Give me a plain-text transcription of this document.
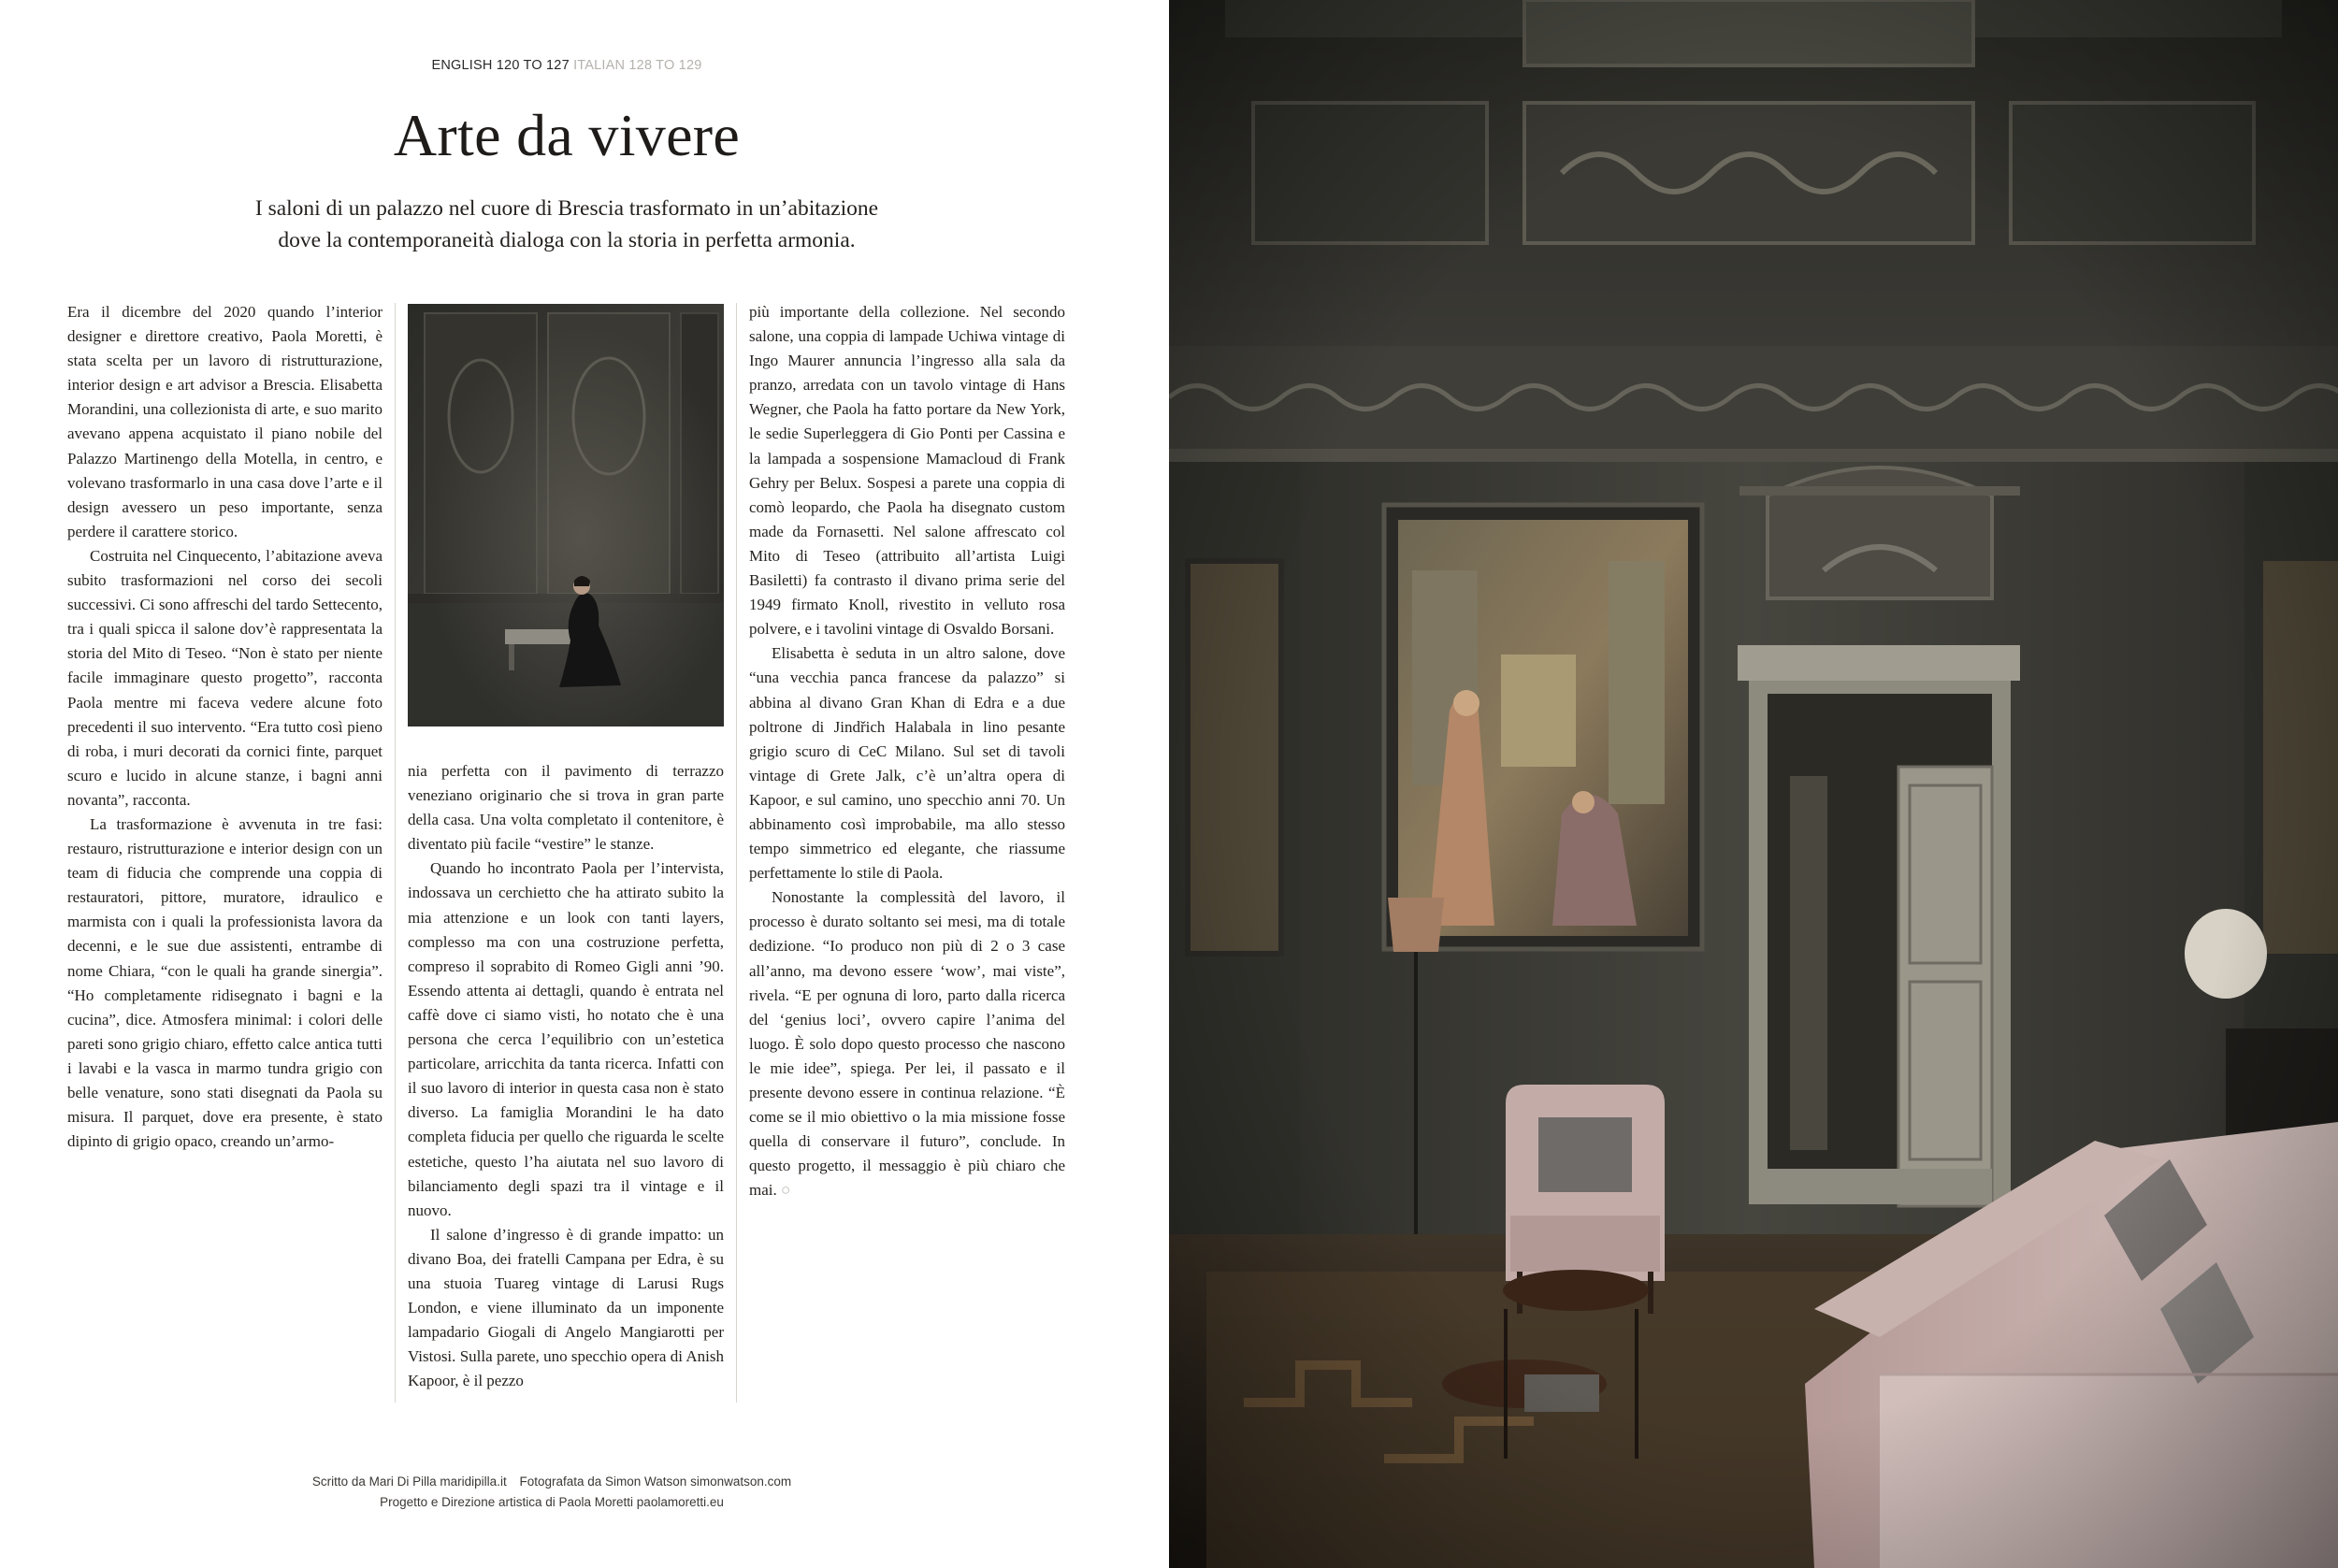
ENGLISH 120 TO 127 ITALIAN 128 TO 129
Arte da vivere
I saloni di un palazzo nel cuore di Brescia trasformato in un’abitazione
dove la contemporaneità dialoga con la storia in perfetta armonia.

Era il dicembre del 2020 quando l’interior designer e direttore creativo, Paola Moretti, è stata scelta per un lavoro di ristrutturazione, interior design e art advisor a Brescia. Elisabetta Morandini, una collezionista di arte, e suo marito avevano appena acquistato il piano nobile del Palazzo Martinengo della Motella, in centro, e volevano trasformarlo in una casa dove l’arte e il design avessero un peso importante, senza perdere il carattere storico.

Costruita nel Cinquecento, l’abitazione aveva subito trasformazioni nel corso dei secoli successivi. Ci sono affreschi del tardo Settecento, tra i quali spicca il salone dov’è rappresentata la storia del Mito di Teseo. “Non è stato per niente facile immaginare questo progetto”, racconta Paola mentre mi faceva vedere alcune foto precedenti il suo intervento. “Era tutto così pieno di roba, i muri decorati da cornici finte, parquet scuro e lucido in alcune stanze, i bagni anni novanta”, racconta.

La trasformazione è avvenuta in tre fasi: restauro, ristrutturazione e interior design con un team di fiducia che comprende una coppia di restauratori, pittore, muratore, idraulico e marmista con i quali la professionista lavora da decenni, e le sue due assistenti, entrambe di nome Chiara, “con le quali ha grande sinergia”. “Ho completamente ridisegnato i bagni e la cucina”, dice. Atmosfera minimal: i colori delle pareti sono grigio chiaro, effetto calce antica tutti i lavabi e la vasca in marmo tundra grigio con belle venature, sono stati disegnati da Paola su misura. Il parquet, dove era presente, è stato dipinto di grigio opaco, creando un’armo-

nia perfetta con il pavimento di terrazzo veneziano originario che si trova in gran parte della casa. Una volta completato il contenitore, è diventato più facile “vestire” le stanze.

Quando ho incontrato Paola per l’intervista, indossava un cerchietto che ha attirato subito la mia attenzione e un look con tanti layers, complesso ma con una costruzione perfetta, compreso il soprabito di Romeo Gigli anni ’90. Essendo attenta ai dettagli, quando è entrata nel caffè dove ci siamo visti, ho notato che è una persona che cerca l’equilibrio con un’estetica particolare, arricchita da tanta ricerca. Infatti con il suo lavoro di interior in questa casa non è stato diverso. La famiglia Morandini le ha dato completa fiducia per quello che riguarda le scelte estetiche, questo l’ha aiutata nel suo lavoro di bilanciamento degli spazi tra il vintage e il nuovo.

Il salone d’ingresso è di grande impatto: un divano Boa, dei fratelli Campana per Edra, è su una stuoia Tuareg vintage di Larusi Rugs London, e viene illuminato da un imponente lampadario Giogali di Angelo Mangiarotti per Vistosi. Sulla parete, uno specchio opera di Anish Kapoor, è il pezzo

più importante della collezione. Nel secondo salone, una coppia di lampade Uchiwa vintage di Ingo Maurer annuncia l’ingresso alla sala da pranzo, arredata con un tavolo vintage di Hans Wegner, che Paola ha fatto portare da New York, le sedie Superleggera di Gio Ponti per Cassina e la lampada a sospensione Mamacloud di Frank Gehry per Belux. Sospesi a parete una coppia di comò leopardo, che Paola ha disegnato custom made da Fornasetti. Nel salone affrescato col Mito di Teseo (attribuito all’artista Luigi Basiletti) fa contrasto il divano prima serie del 1949 firmato Knoll, rivestito in velluto rosa polvere, e i tavolini vintage di Osvaldo Borsani.

Elisabetta è seduta in un altro salone, dove “una vecchia panca francese da palazzo” si abbina al divano Gran Khan di Edra e a due poltrone di Jindřich Halabala in lino pesante grigio scuro di CeC Milano. Sul set di tavoli vintage di Grete Jalk, c’è un’altra opera di Kapoor, e sul camino, uno specchio anni 70. Un abbinamento così improbabile, ma allo stesso tempo simmetrico ed elegante, che riassume perfettamente lo stile di Paola.

Nonostante la complessità del lavoro, il processo è durato soltanto sei mesi, ma di totale dedizione. “Io produco non più di 2 o 3 case all’anno, ma devono essere ‘wow’, mai viste”, rivela. “E per ognuna di loro, parto dalla ricerca del ‘genius loci’, ovvero capire l’anima del luogo. È solo dopo questo processo che nascono le mie idee”, spiega. Per lei, il passato e il presente devono essere in continua relazione. “È come se il mio obiettivo o la mia missione fosse quella di conservare il futuro”, conclude. In questo progetto, il messaggio è più chiaro che mai. ○

Scritto da Mari Di Pilla maridipilla.it Fotografata da Simon Watson simonwatson.com
Progetto e Direzione artistica di Paola Moretti paolamoretti.eu
